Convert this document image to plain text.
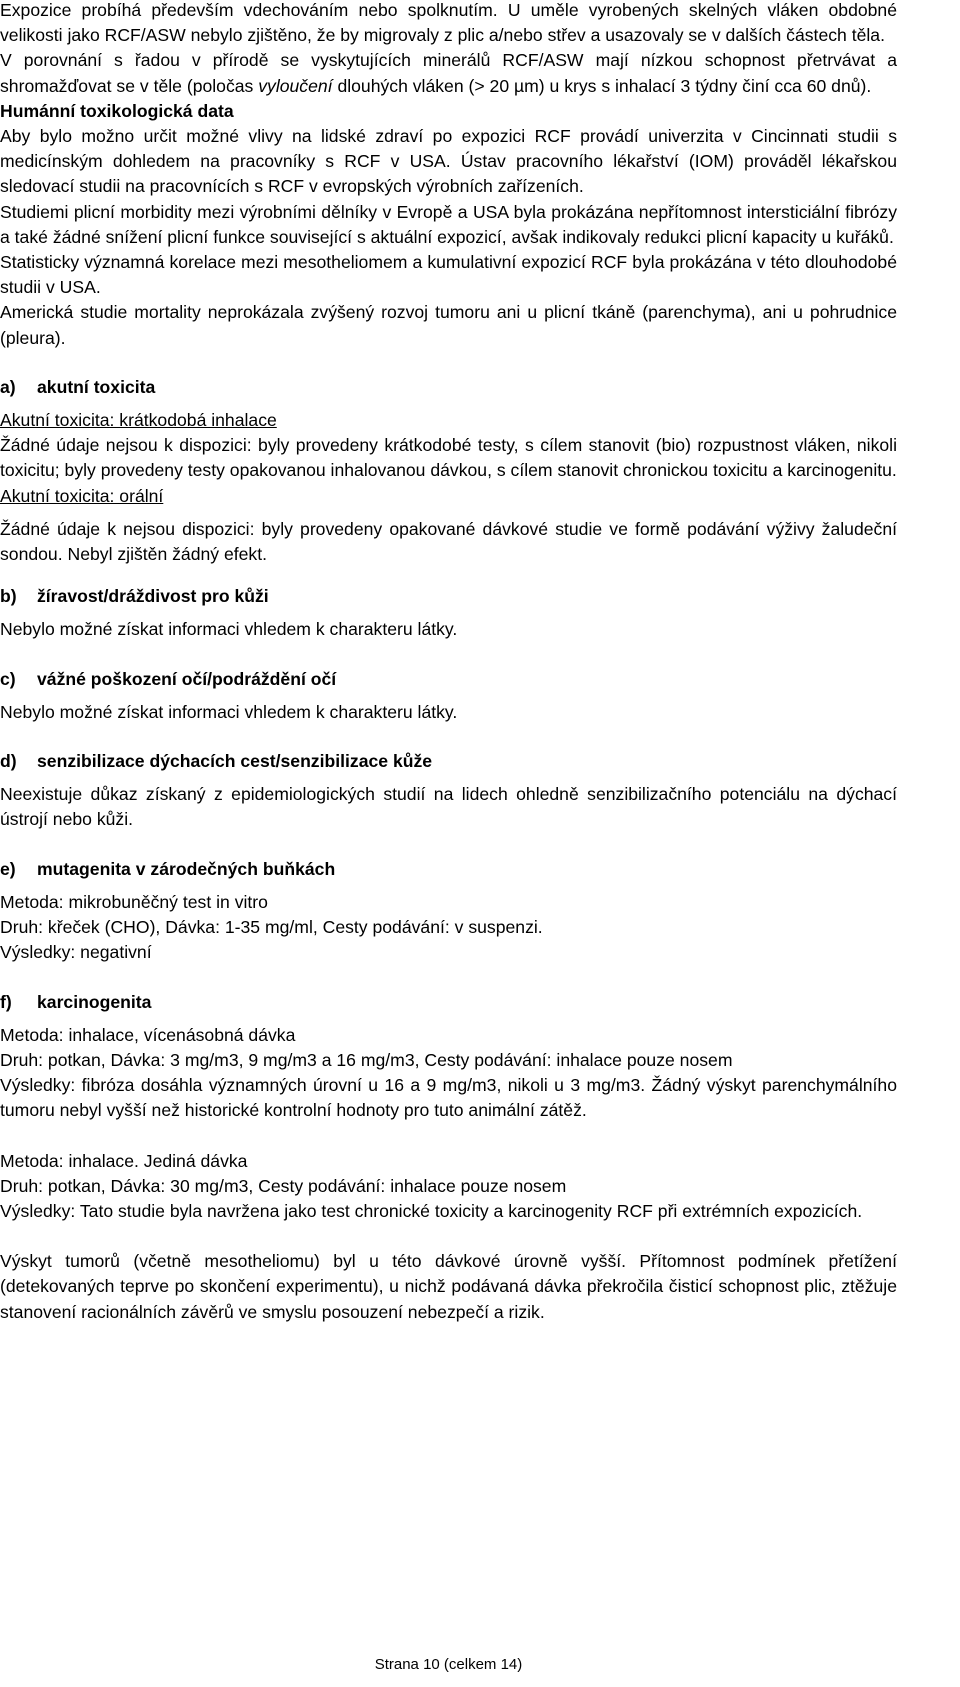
Expozice probíhá především vdechováním nebo spolknutím. U uměle vyrobených skelných vláken obdobné velikosti jako RCF/ASW nebylo zjištěno, že by migrovaly z plic a/nebo střev a usazovaly se v dalších částech těla.

V porovnání s řadou v přírodě se vyskytujících minerálů RCF/ASW mají nízkou schopnost přetrvávat a shromažďovat se v těle (poločas vyloučení dlouhých vláken (> 20 µm) u krys s inhalací 3 týdny činí cca 60 dnů).

Humánní toxikologická data

Aby bylo možno určit možné vlivy na lidské zdraví po expozici RCF provádí univerzita v Cincinnati studii s medicínským dohledem na pracovníky s RCF v USA. Ústav pracovního lékařství (IOM) prováděl lékařskou sledovací studii na pracovnících s RCF v evropských výrobních zařízeních.

Studiemi plicní morbidity mezi výrobními dělníky v Evropě a USA byla prokázána nepřítomnost intersticiální fibrózy a také žádné snížení plicní funkce související s aktuální expozicí, avšak indikovaly redukci plicní kapacity u kuřáků.

Statisticky významná korelace mezi mesotheliomem a kumulativní expozicí RCF byla prokázána v této dlouhodobé studii v USA.

Americká studie mortality neprokázala zvýšený rozvoj tumoru ani u plicní tkáně (parenchyma), ani u pohrudnice (pleura).

a) akutní toxicita

Akutní toxicita: krátkodobá inhalace

Žádné údaje nejsou k dispozici: byly provedeny krátkodobé testy, s cílem stanovit (bio) rozpustnost vláken, nikoli toxicitu; byly provedeny testy opakovanou inhalovanou dávkou, s cílem stanovit chronickou toxicitu a karcinogenitu.

Akutní toxicita: orální

Žádné údaje k nejsou dispozici: byly provedeny opakované dávkové studie ve formě podávání výživy žaludeční sondou. Nebyl zjištěn žádný efekt.

b) žíravost/dráždivost pro kůži

Nebylo možné získat informaci vhledem k charakteru látky.

c) vážné poškození očí/podráždění očí

Nebylo možné získat informaci vhledem k charakteru látky.

d) senzibilizace dýchacích cest/senzibilizace kůže

Neexistuje důkaz získaný z epidemiologických studií na lidech ohledně senzibilizačního potenciálu na dýchací ústrojí nebo kůži.

e) mutagenita v zárodečných buňkách

Metoda: mikrobuněčný test in vitro

Druh: křeček (CHO), Dávka: 1-35 mg/ml, Cesty podávání: v suspenzi.

Výsledky: negativní

f) karcinogenita

Metoda: inhalace, vícenásobná dávka

Druh: potkan, Dávka: 3 mg/m3, 9 mg/m3 a 16 mg/m3, Cesty podávání: inhalace pouze nosem

Výsledky: fibróza dosáhla významných úrovní u 16 a 9 mg/m3, nikoli u 3 mg/m3. Žádný výskyt parenchymálního tumoru nebyl vyšší než historické kontrolní hodnoty pro tuto animální zátěž.

Metoda: inhalace. Jediná dávka

Druh: potkan, Dávka: 30 mg/m3, Cesty podávání: inhalace pouze nosem

Výsledky: Tato studie byla navržena jako test chronické toxicity a karcinogenity RCF při extrémních expozicích.

Výskyt tumorů (včetně mesotheliomu) byl u této dávkové úrovně vyšší. Přítomnost podmínek přetížení (detekovaných teprve po skončení experimentu), u nichž podávaná dávka překročila čisticí schopnost plic, ztěžuje stanovení racionálních závěrů ve smyslu posouzení nebezpečí a rizik.

Strana 10 (celkem 14)
